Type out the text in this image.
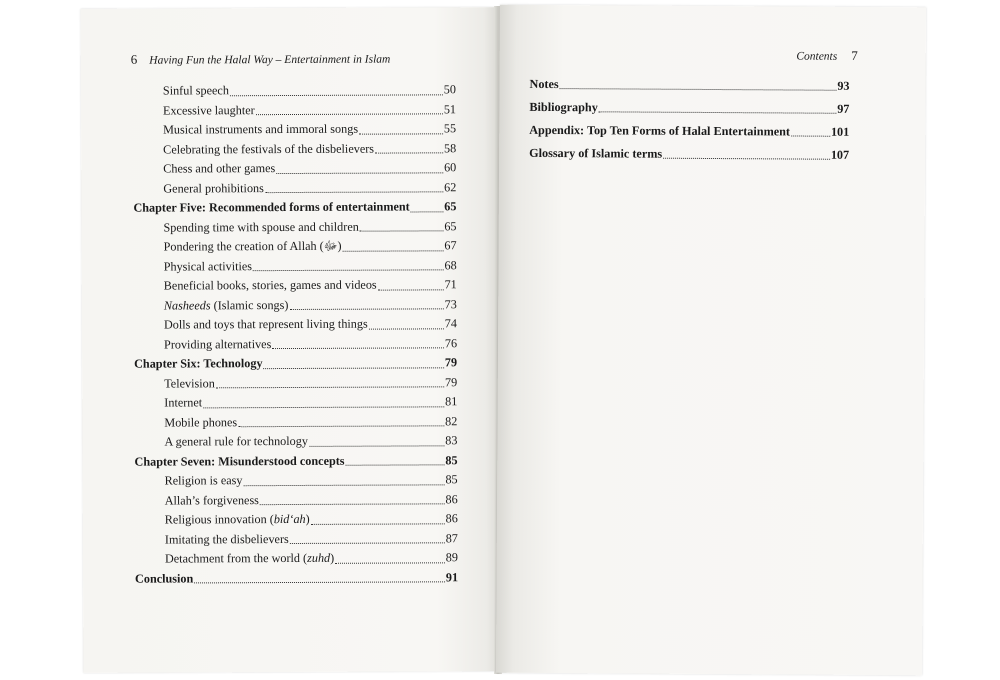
6 Having Fun the Halal Way – Entertainment in Islam
Sinful speech	50
Excessive laughter	51
Musical instruments and immoral songs	55
Celebrating the festivals of the disbelievers	58
Chess and other games	60
General prohibitions	62
Chapter Five: Recommended forms of entertainment	65
Spending time with spouse and children	65
Pondering the creation of Allah (ﷻ)	67
Physical activities	68
Beneficial books, stories, games and videos	71
Nasheeds (Islamic songs)	73
Dolls and toys that represent living things	74
Providing alternatives	76
Chapter Six: Technology	79
Television	79
Internet	81
Mobile phones	82
A general rule for technology	83
Chapter Seven: Misunderstood concepts	85
Religion is easy	85
Allah’s forgiveness	86
Religious innovation (bid‘ah)	86
Imitating the disbelievers	87
Detachment from the world (zuhd)	89
Conclusion	91
Contents 7
Notes	93
Bibliography	97
Appendix: Top Ten Forms of Halal Entertainment	101
Glossary of Islamic terms	107
